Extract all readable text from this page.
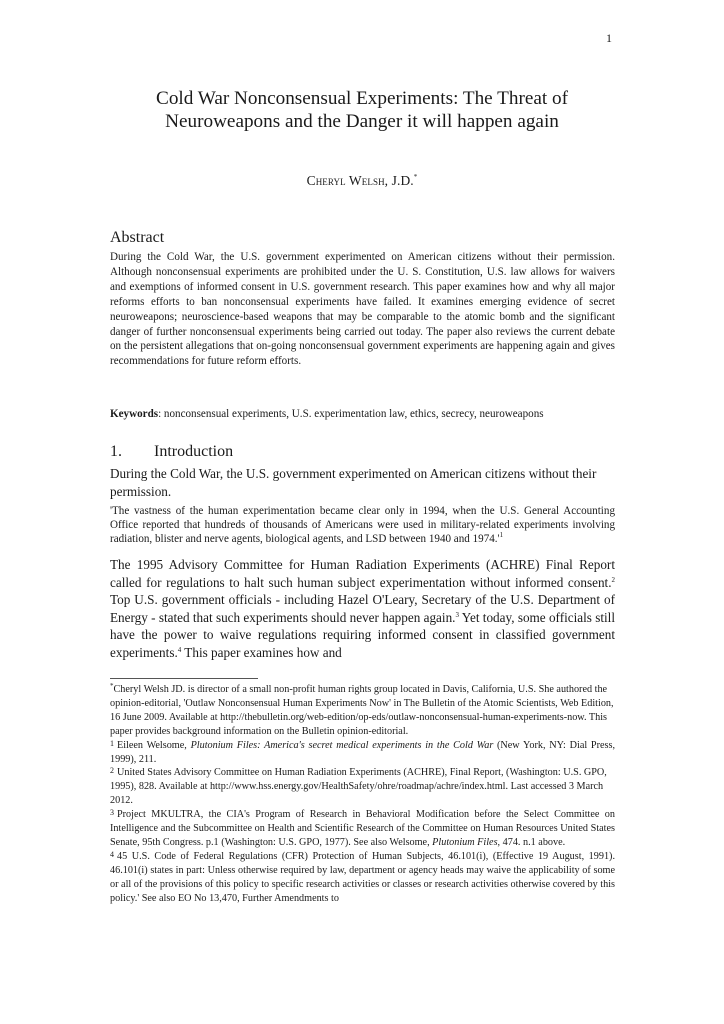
1
Cold War Nonconsensual Experiments: The Threat of Neuroweapons and the Danger it will happen again
Cheryl Welsh, J.D.*
Abstract
During the Cold War, the U.S. government experimented on American citizens without their permission. Although nonconsensual experiments are prohibited under the U. S. Constitution, U.S. law allows for waivers and exemptions of informed consent in U.S. government research. This paper examines how and why all major reforms efforts to ban nonconsensual experiments have failed. It examines emerging evidence of secret neuroweapons; neuroscience-based weapons that may be comparable to the atomic bomb and the significant danger of further nonconsensual experiments being carried out today. The paper also reviews the current debate on the persistent allegations that on-going nonconsensual government experiments are happening again and gives recommendations for future reform efforts.
Keywords: nonconsensual experiments, U.S. experimentation law, ethics, secrecy, neuroweapons
1. Introduction
During the Cold War, the U.S. government experimented on American citizens without their permission.
'The vastness of the human experimentation became clear only in 1994, when the U.S. General Accounting Office reported that hundreds of thousands of Americans were used in military-related experiments involving radiation, blister and nerve agents, biological agents, and LSD between 1940 and $1974.'^1$
The 1995 Advisory Committee for Human Radiation Experiments (ACHRE) Final Report called for regulations to halt such human subject experimentation without informed consent.$^2$ Top U.S. government officials - including Hazel O'Leary, Secretary of the U.S. Department of Energy - stated that such experiments should never happen again.$^3$ Yet today, some officials still have the power to waive regulations requiring informed consent in classified government experiments.$^4$ This paper examines how and

*Cheryl Welsh JD. is director of a small non-profit human rights group located in Davis, California, U.S. She authored the opinion-editorial, 'Outlaw Nonconsensual Human Experiments Now' in The Bulletin of the Atomic Scientists, Web Edition, 16 June 2009. Available at http://thebulletin.org/web-edition/op-eds/outlaw-nonconsensual-human-experiments-now. This paper provides background information on the Bulletin opinion-editorial.

1 Eileen Welsome, Plutonium Files: America's secret medical experiments in the Cold War (New York, NY: Dial Press, 1999), 211.

2 United States Advisory Committee on Human Radiation Experiments (ACHRE), Final Report, (Washington: U.S. GPO, 1995), 828. Available at http://www.hss.energy.gov/HealthSafety/ohre/roadmap/achre/index.html. Last accessed 3 March 2012.

3 Project MKULTRA, the CIA's Program of Research in Behavioral Modification before the Select Committee on Intelligence and the Subcommittee on Health and Scientific Research of the Committee on Human Resources United States Senate, 95th Congress. p.1 (Washington: U.S. GPO, 1977). See also Welsome, Plutonium Files, 474. n.1 above.

4 45 U.S. Code of Federal Regulations (CFR) Protection of Human Subjects, 46.101(i), (Effective 19 August, 1991). 46.101(i) states in part: Unless otherwise required by law, department or agency heads may waive the applicability of some or all of the provisions of this policy to specific research activities or classes or research activities otherwise covered by this policy.' See also EO No 13,470, Further Amendments to
